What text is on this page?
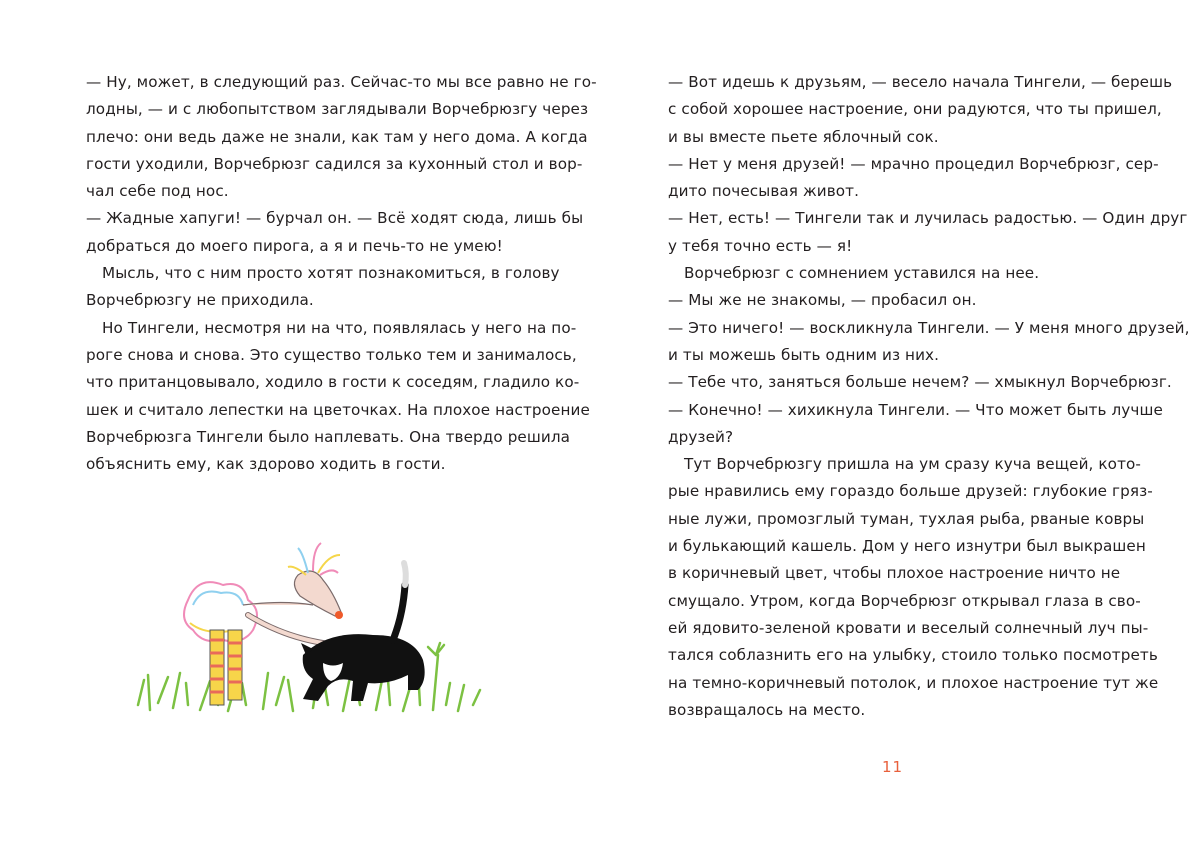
— Ну, может, в следующий раз. Сейчас-то мы все равно не го-
лодны, — и с любопытством заглядывали Ворчебрюзгу через
плечо: они ведь даже не знали, как там у него дома. А когда
гости уходили, Ворчебрюзг садился за кухонный стол и вор-
чал себе под нос.
— Жадные хапуги! — бурчал он. — Всё ходят сюда, лишь бы
добраться до моего пирога, а я и печь-то не умею!
Мысль, что с ним просто хотят познакомиться, в голову
Ворчебрюзгу не приходила.
Но Тингели, несмотря ни на что, появлялась у него на по-
роге снова и снова. Это существо только тем и занималось,
что пританцовывало, ходило в гости к соседям, гладило ко-
шек и считало лепестки на цветочках. На плохое настроение
Ворчебрюзга Тингели было наплевать. Она твердо решила
объяснить ему, как здорово ходить в гости.
— Вот идешь к друзьям, — весело начала Тингели, — берешь
с собой хорошее настроение, они радуются, что ты пришел,
и вы вместе пьете яблочный сок.
— Нет у меня друзей! — мрачно процедил Ворчебрюзг, сер-
дито почесывая живот.
— Нет, есть! — Тингели так и лучилась радостью. — Один друг
у тебя точно есть — я!
Ворчебрюзг с сомнением уставился на нее.
— Мы же не знакомы, — пробасил он.
— Это ничего! — воскликнула Тингели. — У меня много друзей,
и ты можешь быть одним из них.
— Тебе что, заняться больше нечем? — хмыкнул Ворчебрюзг.
— Конечно! — хихикнула Тингели. — Что может быть лучше
друзей?
Тут Ворчебрюзгу пришла на ум сразу куча вещей, кото-
рые нравились ему гораздо больше друзей: глубокие гряз-
ные лужи, промозглый туман, тухлая рыба, рваные ковры
и булькающий кашель. Дом у него изнутри был выкрашен
в коричневый цвет, чтобы плохое настроение ничто не
смущало. Утром, когда Ворчебрюзг открывал глаза в сво-
ей ядовито-зеленой кровати и веселый солнечный луч пы-
тался соблазнить его на улыбку, стоило только посмотреть
на темно-коричневый потолок, и плохое настроение тут же
возвращалось на место.
11
